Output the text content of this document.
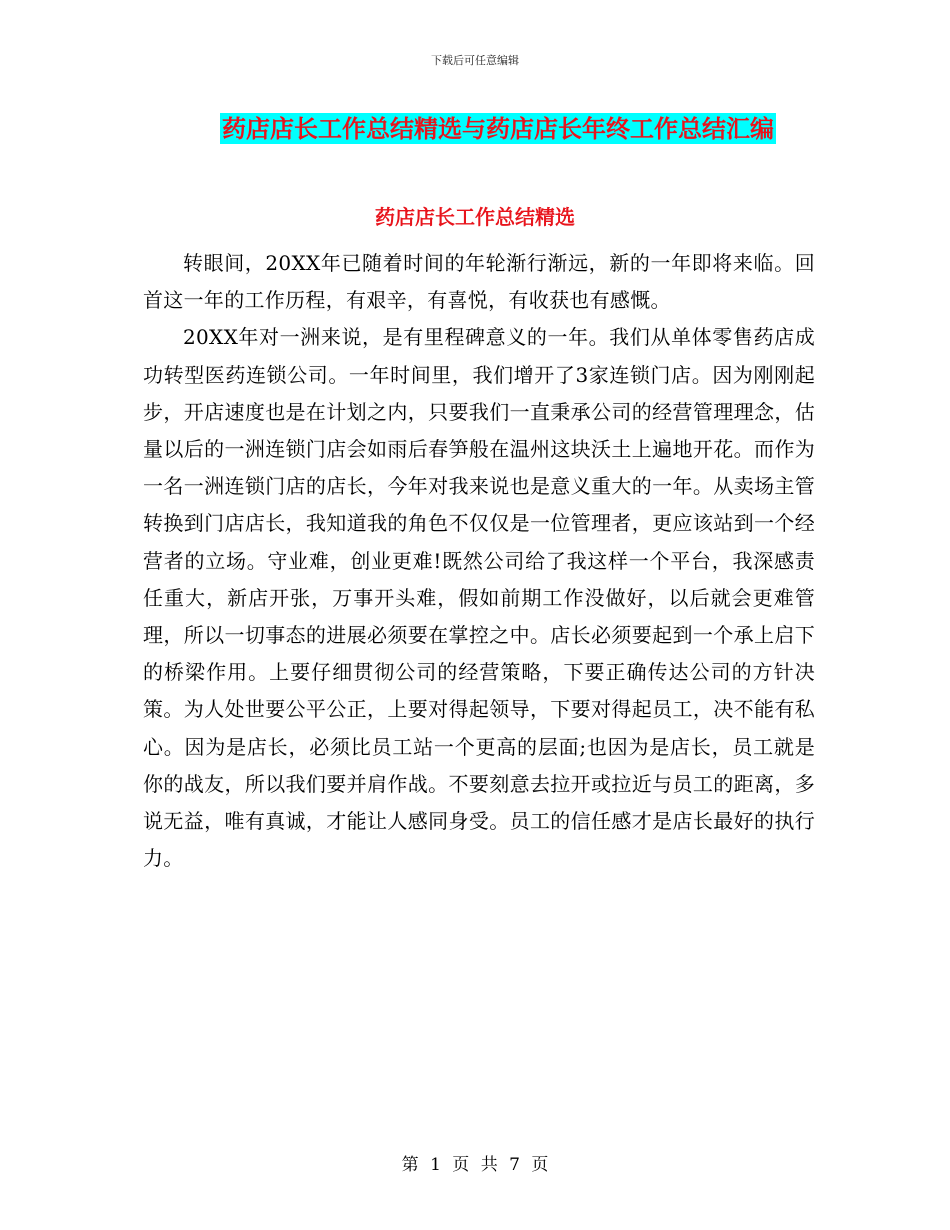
下载后可任意编辑
药店店长工作总结精选与药店店长年终工作总结汇编
药店店长工作总结精选

转眼间，20XX年已随着时间的年轮渐行渐远，新的一年即将来临。回首这一年的工作历程，有艰辛，有喜悦，有收获也有感慨。

20XX年对一洲来说，是有里程碑意义的一年。我们从单体零售药店成功转型医药连锁公司。一年时间里，我们增开了3家连锁门店。因为刚刚起步，开店速度也是在计划之内，只要我们一直秉承公司的经营管理理念，估量以后的一洲连锁门店会如雨后春笋般在温州这块沃土上遍地开花。而作为一名一洲连锁门店的店长，今年对我来说也是意义重大的一年。从卖场主管转换到门店店长，我知道我的角色不仅仅是一位管理者，更应该站到一个经营者的立场。守业难，创业更难!既然公司给了我这样一个平台，我深感责任重大，新店开张，万事开头难，假如前期工作没做好，以后就会更难管理，所以一切事态的进展必须要在掌控之中。店长必须要起到一个承上启下的桥梁作用。上要仔细贯彻公司的经营策略，下要正确传达公司的方针决策。为人处世要公平公正，上要对得起领导，下要对得起员工，决不能有私心。因为是店长，必须比员工站一个更高的层面;也因为是店长，员工就是你的战友，所以我们要并肩作战。不要刻意去拉开或拉近与员工的距离，多说无益，唯有真诚，才能让人感同身受。员工的信任感才是店长最好的执行力。

第 1 页 共 7 页
